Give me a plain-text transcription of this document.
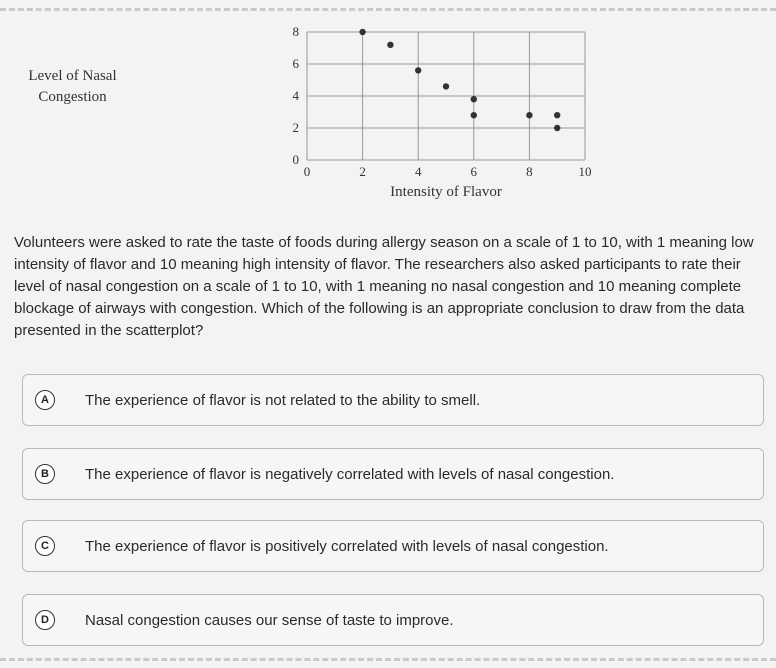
Level of Nasal
Congestion
0	2	4	6	8	10
0
2
4
6
8
Intensity of Flavor
Volunteers were asked to rate the taste of foods during allergy season on a scale of 1 to 10, with 1 meaning low intensity of flavor and 10 meaning high intensity of flavor. The researchers also asked participants to rate their level of nasal congestion on a scale of 1 to 10, with 1 meaning no nasal congestion and 10 meaning complete blockage of airways with congestion. Which of the following is an appropriate conclusion to draw from the data presented in the scatterplot?
A	The experience of flavor is not related to the ability to smell.
B	The experience of flavor is negatively correlated with levels of nasal congestion.
C	The experience of flavor is positively correlated with levels of nasal congestion.
D	Nasal congestion causes our sense of taste to improve.
